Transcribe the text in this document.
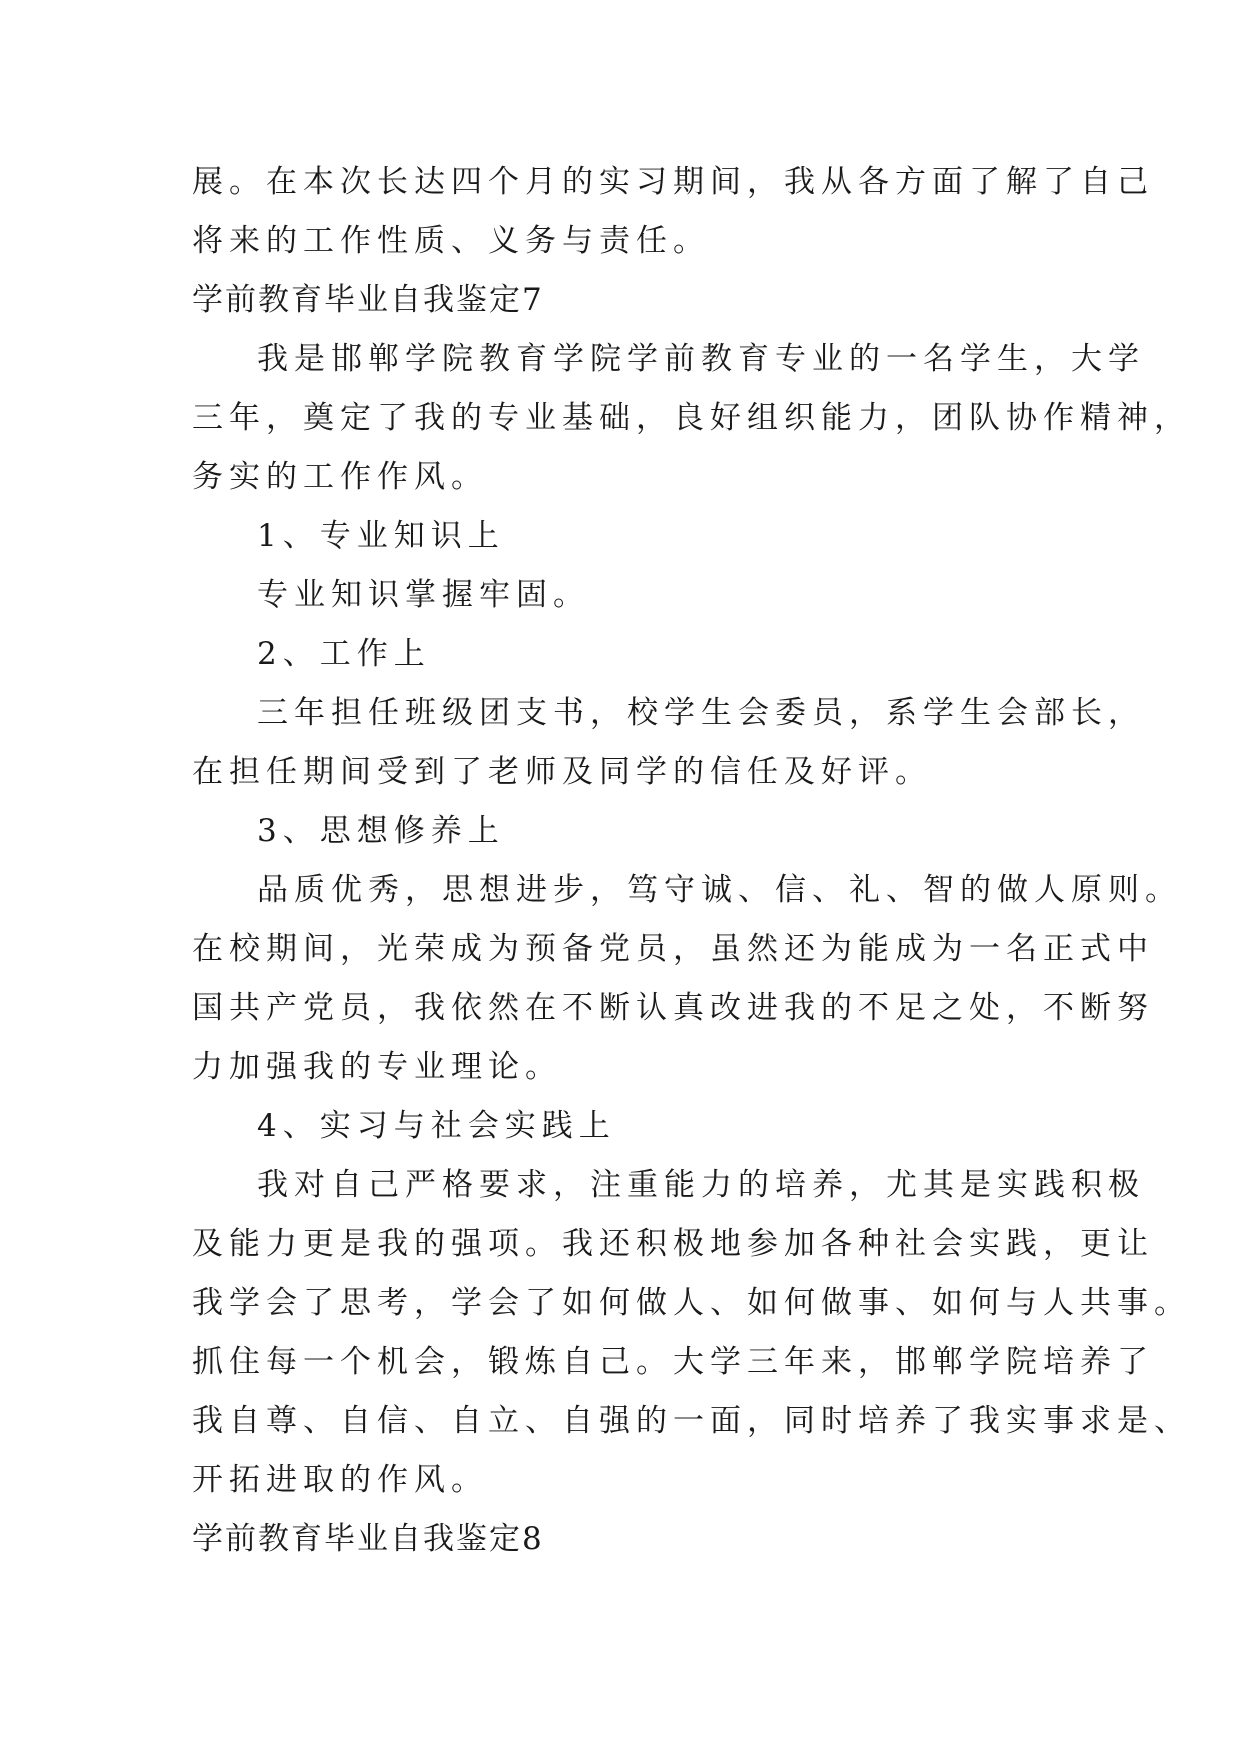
展。在本次长达四个月的实习期间，我从各方面了解了自己
将来的工作性质、义务与责任。
学前教育毕业自我鉴定7
我是邯郸学院教育学院学前教育专业的一名学生，大学
三年，奠定了我的专业基础，良好组织能力，团队协作精神，
务实的工作作风。
1、专业知识上
专业知识掌握牢固。
2、工作上
三年担任班级团支书，校学生会委员，系学生会部长，
在担任期间受到了老师及同学的信任及好评。
3、思想修养上
品质优秀，思想进步，笃守诚、信、礼、智的做人原则。
在校期间，光荣成为预备党员，虽然还为能成为一名正式中
国共产党员，我依然在不断认真改进我的不足之处，不断努
力加强我的专业理论。
4、实习与社会实践上
我对自己严格要求，注重能力的培养，尤其是实践积极
及能力更是我的强项。我还积极地参加各种社会实践，更让
我学会了思考，学会了如何做人、如何做事、如何与人共事。
抓住每一个机会，锻炼自己。大学三年来，邯郸学院培养了
我自尊、自信、自立、自强的一面，同时培养了我实事求是、
开拓进取的作风。
学前教育毕业自我鉴定8
